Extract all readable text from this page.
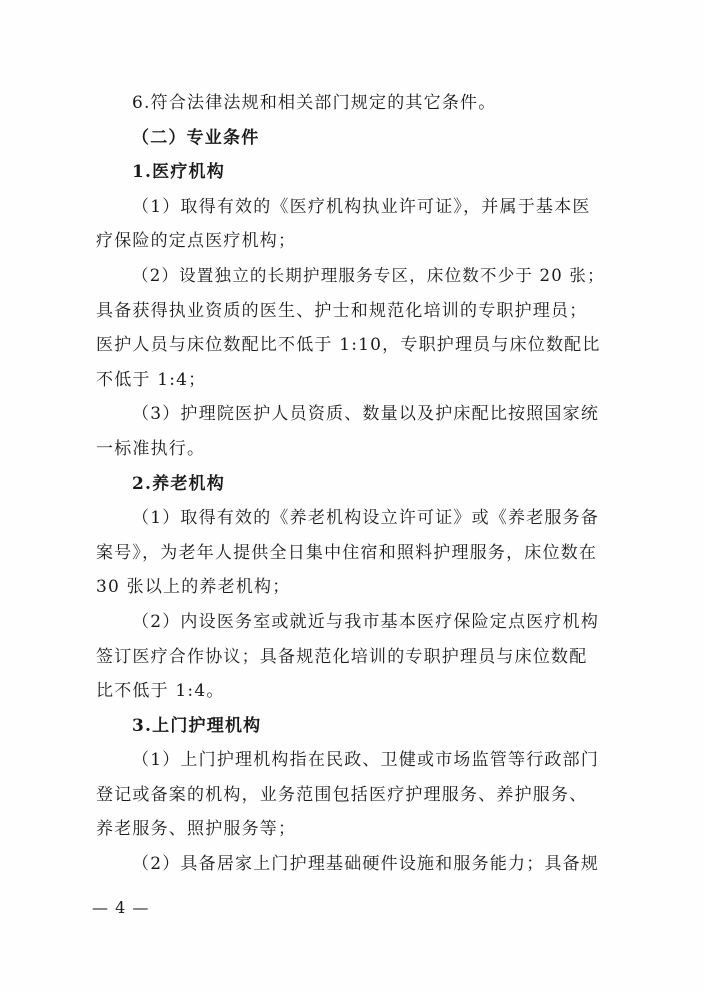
6.符合法律法规和相关部门规定的其它条件。
（二）专业条件
1.医疗机构
（1）取得有效的《医疗机构执业许可证》，并属于基本医
疗保险的定点医疗机构；
（2）设置独立的长期护理服务专区，床位数不少于 20 张；
具备获得执业资质的医生、护士和规范化培训的专职护理员；
医护人员与床位数配比不低于 1:10，专职护理员与床位数配比
不低于 1:4；
（3）护理院医护人员资质、数量以及护床配比按照国家统
一标准执行。
2.养老机构
（1）取得有效的《养老机构设立许可证》或《养老服务备
案号》，为老年人提供全日集中住宿和照料护理服务，床位数在
30 张以上的养老机构；
（2）内设医务室或就近与我市基本医疗保险定点医疗机构
签订医疗合作协议；具备规范化培训的专职护理员与床位数配
比不低于 1:4。
3.上门护理机构
（1）上门护理机构指在民政、卫健或市场监管等行政部门
登记或备案的机构，业务范围包括医疗护理服务、养护服务、
养老服务、照护服务等；
（2）具备居家上门护理基础硬件设施和服务能力；具备规
— 4 —
